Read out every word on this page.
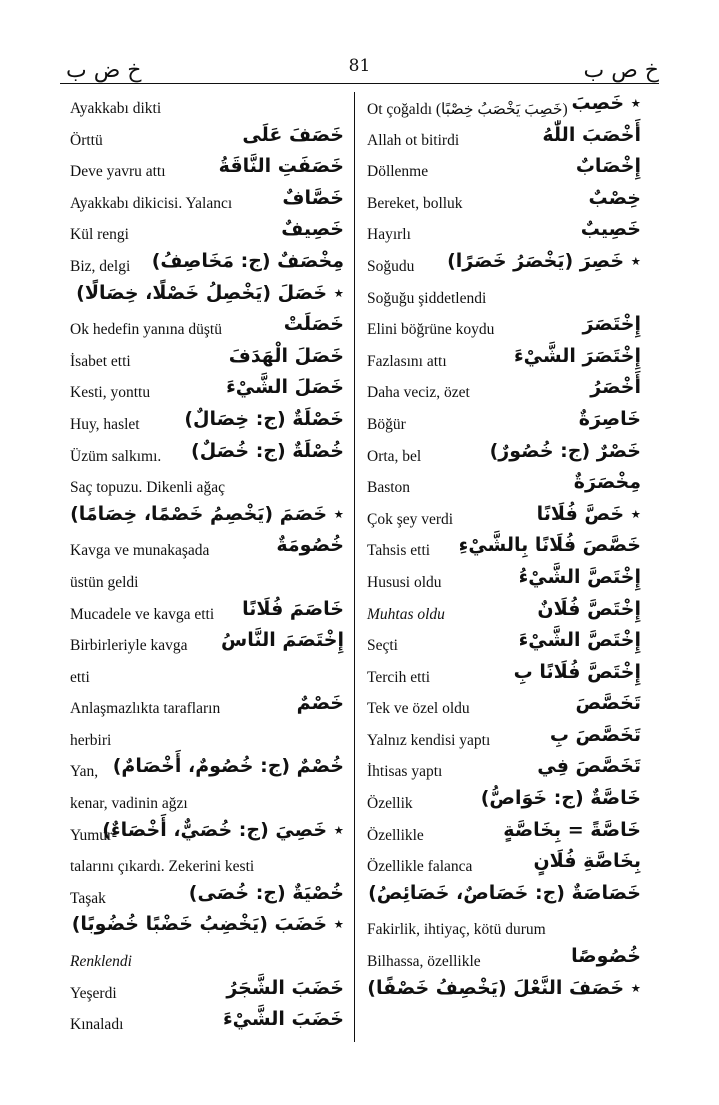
خ ض ب	81	خ ص ب
Ayakkabı dikti
Örttü	خَصَفَ عَلَى
Deve yavru attı	خَصَفَتِ النَّاقَةُ
Ayakkabı dikicisi. Yalancı	خَصَّافٌ
Kül rengi	خَصِيفٌ
Biz, delgi مِخْصَفٌ (ج: مَخَاصِفُ)
٭ خَصَلَ (يَخْصِلُ خَصْلًا، خِصَالًا)
Ok hedefin yanına düştü	خَصَلَتْ
İsabet etti	خَصَلَ الْهَدَفَ
Kesti, yonttu	خَصَلَ الشَّيْءَ
Huy, haslet خَصْلَةٌ (ج: خِصَالٌ)
Üzüm salkımı. خُصْلَةٌ (ج: خُصَلٌ)
Saç topuzu. Dikenli ağaç
٭ خَصَمَ (يَخْصِمُ خَصْمًا، خِصَامًا)
Kavga ve munakaşada	خُصُومَةٌ
üstün geldi
Mucadele ve kavga etti خَاصَمَ فُلَانًا
Birbirleriyle kavga إِخْتَصَمَ النَّاسُ
etti
Anlaşmazlıkta tarafların	خَصْمٌ
herbiri
Yan, خُصْمٌ (ج: خُصُومٌ، أَخْصَامٌ)
kenar, vadinin ağzı
Yumur-
٭ خَصِيَ (ج: خُصَيٌّ، أَخْصَاءٌ)
talarını çıkardı. Zekerini kesti
Taşak	خُصْيَةٌ (ج: خُصَى)
٭ خَضَبَ (يَخْضِبُ خَضْبًا خُضُوبًا)
Renklendi
Yeşerdi	خَضَبَ الشَّجَرُ
Kınaladı	خَضَبَ الشَّيْءَ
Ot çoğaldı (خَصِبَ يَخْصَبُ خِصْبًا) ٭ خَصِبَ
Allah ot bitirdi	أَخْصَبَ اللّٰهُ
Döllenme	إِخْصَابٌ
Bereket, bolluk	خِصْبٌ
Hayırlı	خَصِيبٌ
Soğudu ٭ خَصِرَ (يَخْصَرُ خَصَرًا)
Soğuğu şiddetlendi
Elini böğrüne koydu	إِخْتَصَرَ
Fazlasını attı	إِخْتَصَرَ الشَّيْءَ
Daha veciz, özet	أَخْصَرُ
Böğür	خَاصِرَةٌ
Orta, bel	خَصْرٌ (ج: خُصُورٌ)
Baston	مِخْصَرَةٌ
Çok şey verdi	٭ خَصَّ فُلَانًا
Tahsis etti خَصَّصَ فُلَانًا بِالشَّيْءِ
Hususi oldu	إِخْتَصَّ الشَّيْءُ
Muhtas oldu	إِخْتَصَّ فُلَانٌ
Seçti	إِخْتَصَّ الشَّيْءَ
Tercih etti	إِخْتَصَّ فُلَانًا بِ
Tek ve özel oldu	تَخَصَّصَ
Yalnız kendisi yaptı	تَخَصَّصَ بِ
İhtisas yaptı	تَخَصَّصَ فِي
Özellik	خَاصَّةٌ (ج: خَوَاصُّ)
Özellikle	خَاصَّةً = بِخَاصَّةٍ
Özellikle falanca	بِخَاصَّةِ فُلَانٍ
خَصَاصَةٌ (ج: خَصَاصٌ، خَصَائِصُ)
Fakirlik, ihtiyaç, kötü durum
Bilhassa, özellikle	خُصُوصًا
٭ خَصَفَ النَّعْلَ (يَخْصِفُ خَصْفًا)
